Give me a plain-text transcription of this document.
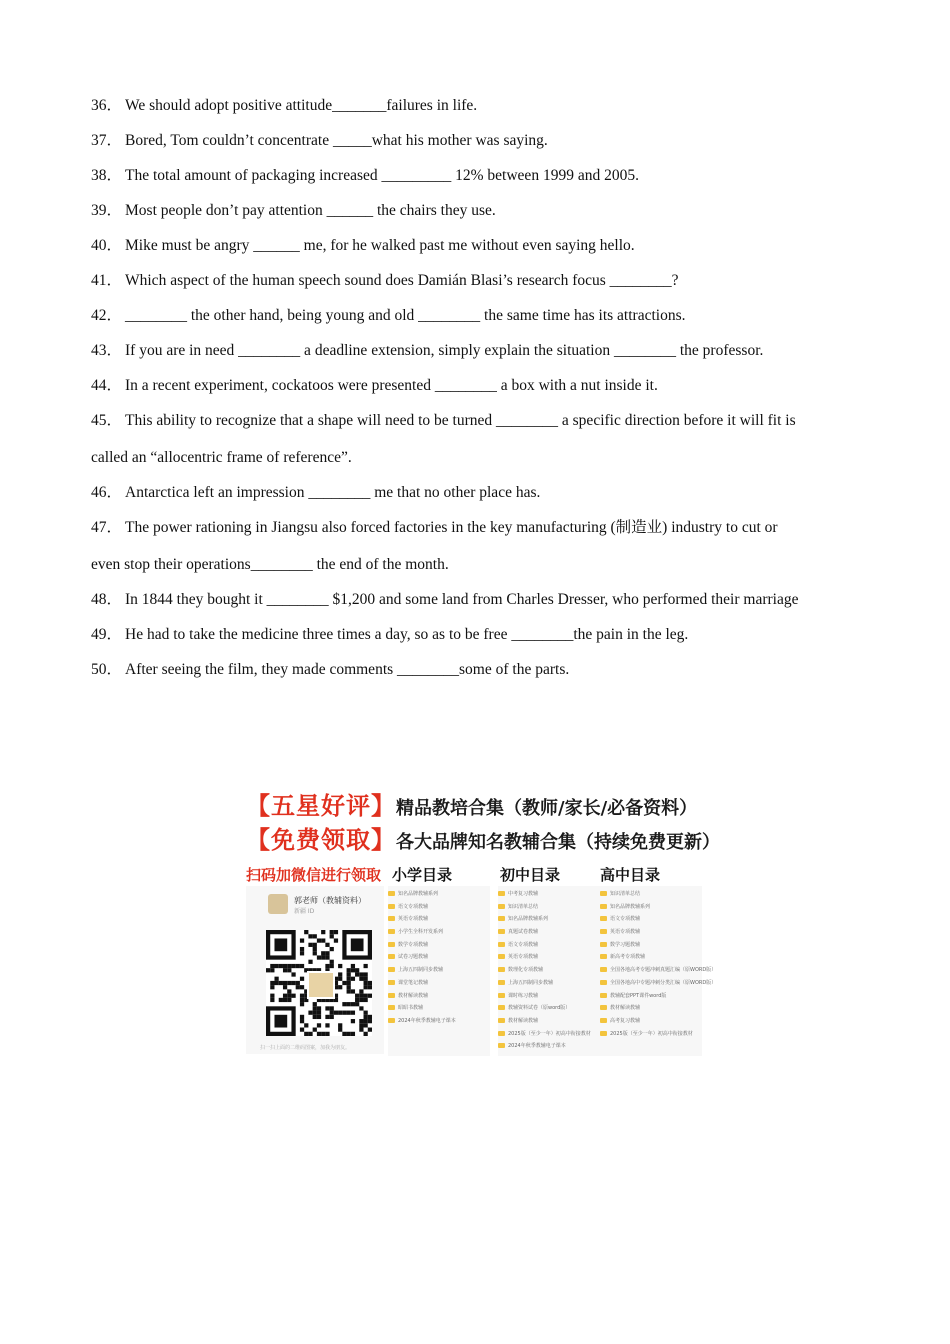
36． We should adopt positive attitude_______failures in life.
37． Bored, Tom couldn’t concentrate _____what his mother was saying.
38． The total amount of packaging increased _________ 12% between 1999 and 2005.
39． Most people don’t pay attention ______ the chairs they use.
40． Mike must be angry ______ me, for he walked past me without even saying hello.
41． Which aspect of the human speech sound does Damián Blasi’s research focus ________?
42． ________ the other hand, being young and old ________ the same time has its attractions.
43． If you are in need ________ a deadline extension, simply explain the situation ________ the professor.
44． In a recent experiment, cockatoos were presented ________ a box with a nut inside it.
45． This ability to recognize that a shape will need to be turned ________ a specific direction before it will fit is
called an “allocentric frame of reference”.
46． Antarctica left an impression ________ me that no other place has.
47． The power rationing in Jiangsu also forced factories in the key manufacturing (制造业) industry to cut or
even stop their operations________ the end of the month.
48． In 1844 they bought it ________ $1,200 and some land from Charles Dresser, who performed their marriage
49． He had to take the medicine three times a day, so as to be free ________the pain in the leg.
50． After seeing the film, they made comments ________some of the parts.
【五星好评】精品教培合集（教师/家长/必备资料）
【免费领取】各大品牌知名教辅合集（持续免费更新）
扫码加微信进行领取 小学目录	初中目录	高中目录
郭老师（教辅资料）
新疆 ID
扫一扫上面的二维码图案，加我为朋友。
知名品牌教辅系列
语文专项教辅
英语专项教辅
小学生全科开发系列
数学专项教辅
试卷习题教辅
上海五四制同步教辅
课堂笔记教辅
教材解读教辅
昭昭书教辅
2024年秋季教辅电子课本
中考复习教辅
知识清单总结
知名品牌教辅系列
真题试卷教辅
语文专项教辅
英语专项教辅
数理化专项教辅
上海五四制同步教辅
课时练习教辅
教辅资料试卷（原word版）
教材解读教辅
2025版（至少一年）初高中衔接教材
2024年秋季教辅电子课本
知识清单总结
知名品牌教辅系列
语文专项教辅
英语专项教辅
数学习题教辅
新高考专项教辅
全国各地高考专题冲刺真题汇编（原WORD版）
全国各地高中专题冲刺分类汇编（原WORD版）
教辅配套PPT课件word版
教材解读教辅
高考复习教辅
2025版（至少一年）初高中衔接教材
